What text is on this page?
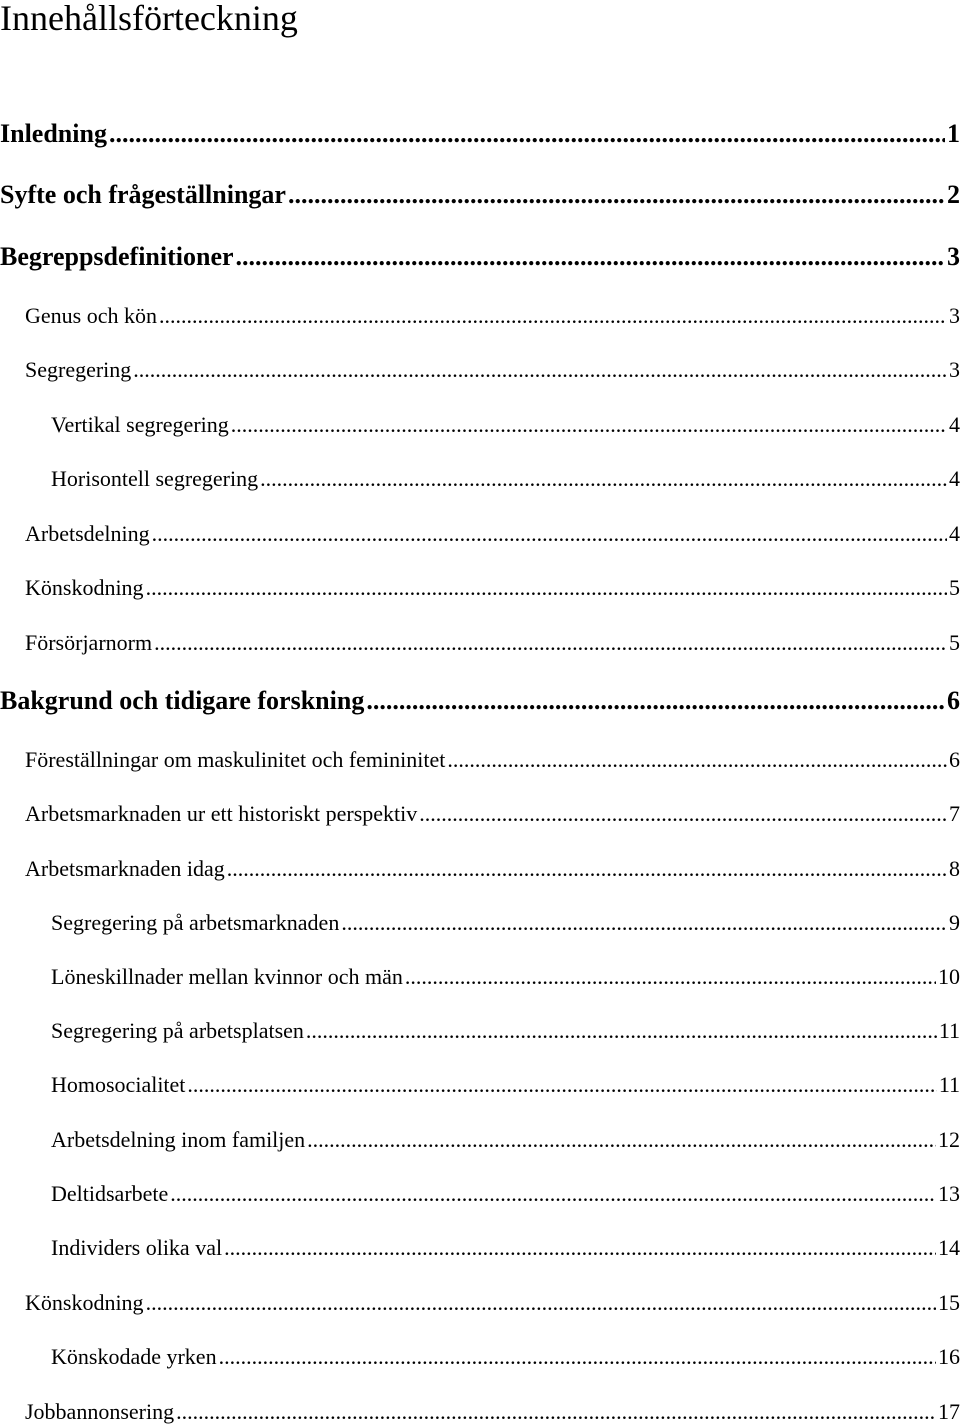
Innehållsförteckning
Inledning .....	1
Syfte och frågeställningar .....	2
Begreppsdefinitioner .....	3
Genus och kön .....	3
Segregering .....	3
Vertikal segregering .....	4
Horisontell segregering .....	4
Arbetsdelning .....	4
Könskodning .....	5
Försörjarnorm .....	5
Bakgrund och tidigare forskning .....	6
Föreställningar om maskulinitet och femininitet .....	6
Arbetsmarknaden ur ett historiskt perspektiv .....	7
Arbetsmarknaden idag .....	8
Segregering på arbetsmarknaden .....	9
Löneskillnader mellan kvinnor och män .....	10
Segregering på arbetsplatsen .....	11
Homosocialitet .....	11
Arbetsdelning inom familjen .....	12
Deltidsarbete .....	13
Individers olika val .....	14
Könskodning .....	15
Könskodade yrken .....	16
Jobbannonsering .....	17
